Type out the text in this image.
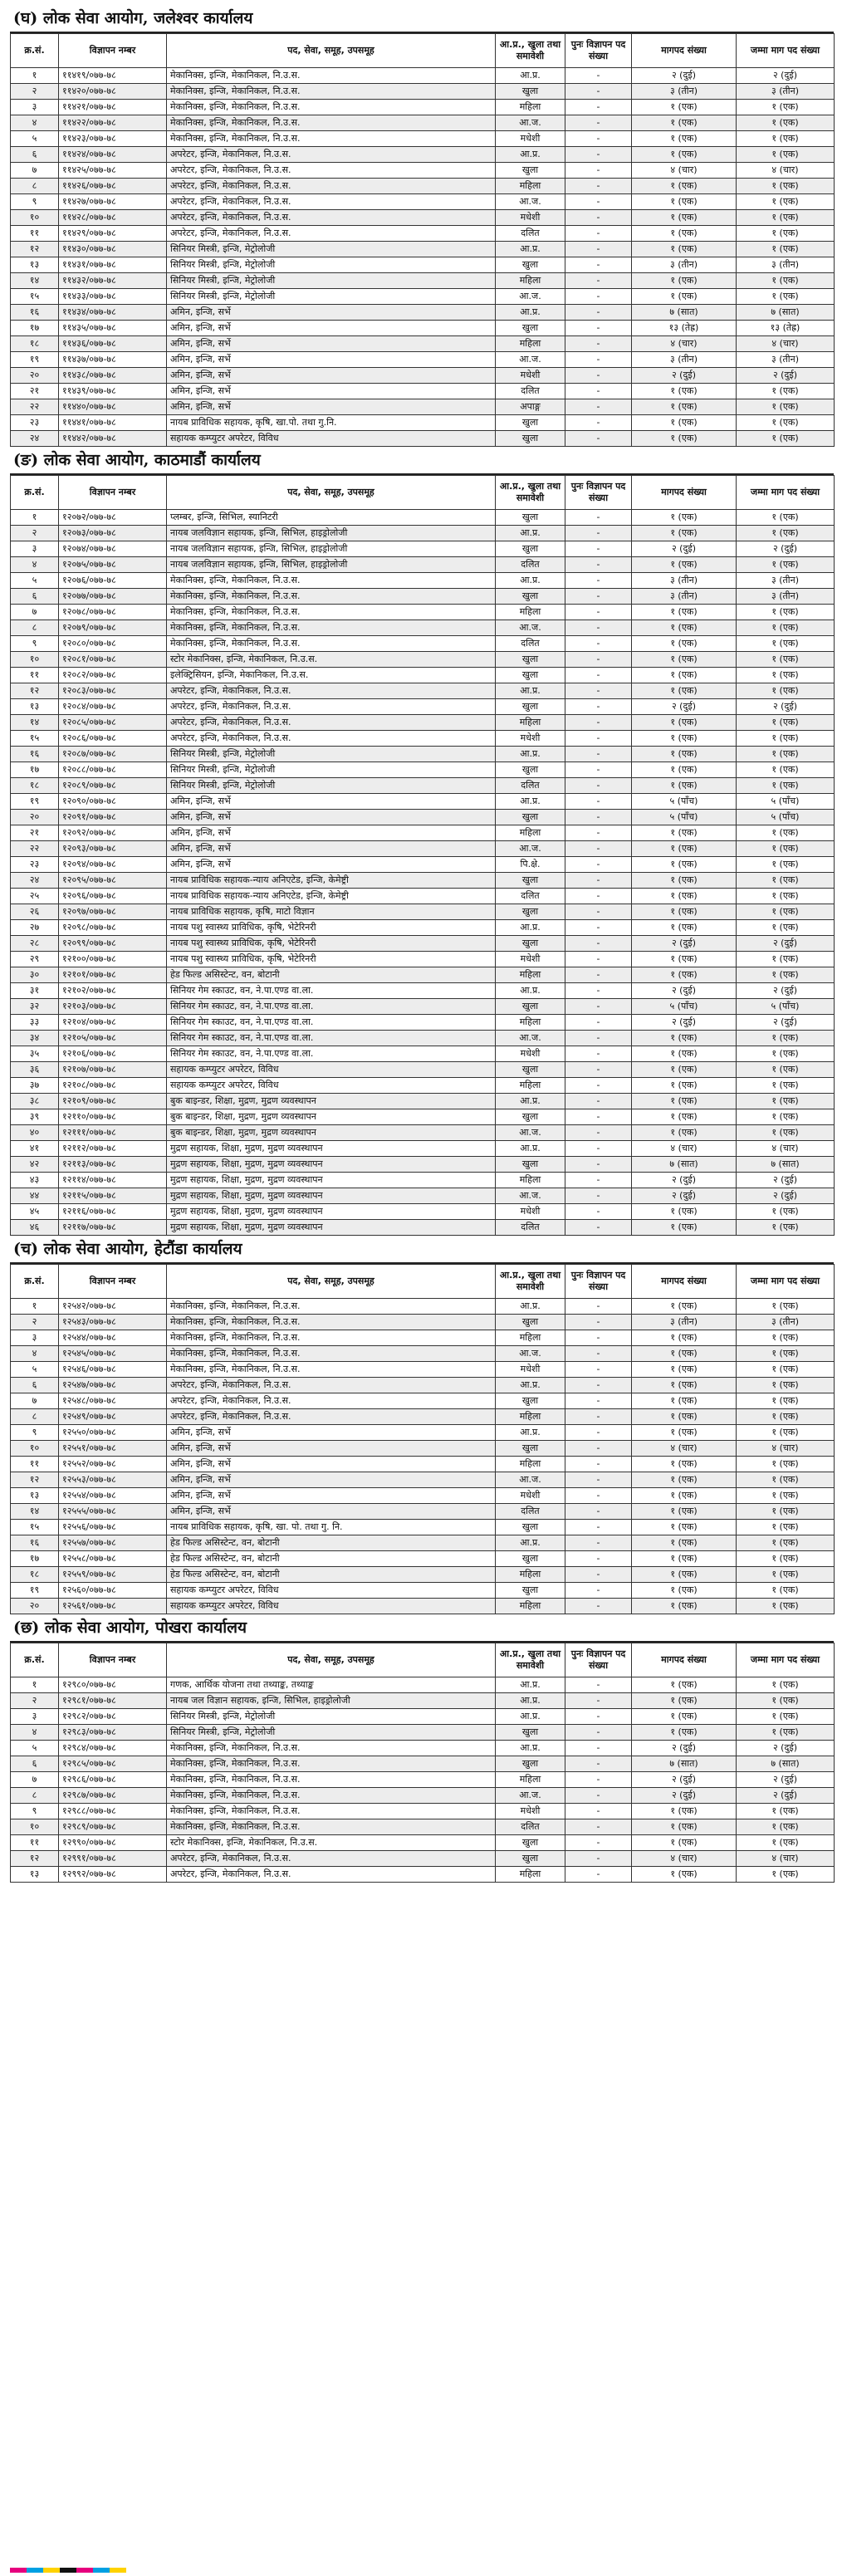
(घ) लोक सेवा आयोग, जलेश्वर कार्यालय
क्र.सं.	विज्ञापन नम्बर	पद, सेवा, समूह, उपसमूह	आ.प्र., खुला तथा समावेशी	पुनः विज्ञापन पद संख्या	मागपद संख्या	जम्मा माग पद संख्या
१	११४१९/०७७-७८	मेकानिक्स, इन्जि, मेकानिकल, नि.उ.स.	आ.प्र.	-	२ (दुई)	२ (दुई)
२	११४२०/०७७-७८	मेकानिक्स, इन्जि, मेकानिकल, नि.उ.स.	खुला	-	३ (तीन)	३ (तीन)
३	११४२१/०७७-७८	मेकानिक्स, इन्जि, मेकानिकल, नि.उ.स.	महिला	-	१ (एक)	१ (एक)
४	११४२२/०७७-७८	मेकानिक्स, इन्जि, मेकानिकल, नि.उ.स.	आ.ज.	-	१ (एक)	१ (एक)
५	११४२३/०७७-७८	मेकानिक्स, इन्जि, मेकानिकल, नि.उ.स.	मधेशी	-	१ (एक)	१ (एक)
६	११४२४/०७७-७८	अपरेटर, इन्जि, मेकानिकल, नि.उ.स.	आ.प्र.	-	१ (एक)	१ (एक)
७	११४२५/०७७-७८	अपरेटर, इन्जि, मेकानिकल, नि.उ.स.	खुला	-	४ (चार)	४ (चार)
८	११४२६/०७७-७८	अपरेटर, इन्जि, मेकानिकल, नि.उ.स.	महिला	-	१ (एक)	१ (एक)
९	११४२७/०७७-७८	अपरेटर, इन्जि, मेकानिकल, नि.उ.स.	आ.ज.	-	१ (एक)	१ (एक)
१०	११४२८/०७७-७८	अपरेटर, इन्जि, मेकानिकल, नि.उ.स.	मधेशी	-	१ (एक)	१ (एक)
११	११४२९/०७७-७८	अपरेटर, इन्जि, मेकानिकल, नि.उ.स.	दलित	-	१ (एक)	१ (एक)
१२	११४३०/०७७-७८	सिनियर मिस्त्री, इन्जि, मेट्रोलोजी	आ.प्र.	-	१ (एक)	१ (एक)
१३	११४३१/०७७-७८	सिनियर मिस्त्री, इन्जि, मेट्रोलोजी	खुला	-	३ (तीन)	३ (तीन)
१४	११४३२/०७७-७८	सिनियर मिस्त्री, इन्जि, मेट्रोलोजी	महिला	-	१ (एक)	१ (एक)
१५	११४३३/०७७-७८	सिनियर मिस्त्री, इन्जि, मेट्रोलोजी	आ.ज.	-	१ (एक)	१ (एक)
१६	११४३४/०७७-७८	अमिन, इन्जि, सर्भे	आ.प्र.	-	७ (सात)	७ (सात)
१७	११४३५/०७७-७८	अमिन, इन्जि, सर्भे	खुला	-	१३ (तेह्र)	१३ (तेह्र)
१८	११४३६/०७७-७८	अमिन, इन्जि, सर्भे	महिला	-	४ (चार)	४ (चार)
१९	११४३७/०७७-७८	अमिन, इन्जि, सर्भे	आ.ज.	-	३ (तीन)	३ (तीन)
२०	११४३८/०७७-७८	अमिन, इन्जि, सर्भे	मधेशी	-	२ (दुई)	२ (दुई)
२१	११४३९/०७७-७८	अमिन, इन्जि, सर्भे	दलित	-	१ (एक)	१ (एक)
२२	११४४०/०७७-७८	अमिन, इन्जि, सर्भे	अपाङ्ग	-	१ (एक)	१ (एक)
२३	११४४१/०७७-७८	नायब प्राविधिक सहायक, कृषि, खा.पो. तथा गु.नि.	खुला	-	१ (एक)	१ (एक)
२४	११४४२/०७७-७८	सहायक कम्प्युटर अपरेटर, विविध	खुला	-	१ (एक)	१ (एक)
(ङ) लोक सेवा आयोग, काठमाडौं कार्यालय
क्र.सं.	विज्ञापन नम्बर	पद, सेवा, समूह, उपसमूह	आ.प्र., खुला तथा समावेशी	पुनः विज्ञापन पद संख्या	मागपद संख्या	जम्मा माग पद संख्या
१	१२०७२/०७७-७८	प्लम्बर, इन्जि, सिभिल, स्यानिटरी	खुला	-	१ (एक)	१ (एक)
२	१२०७३/०७७-७८	नायब जलविज्ञान सहायक, इन्जि, सिभिल, हाइड्रोलोजी	आ.प्र.	-	१ (एक)	१ (एक)
३	१२०७४/०७७-७८	नायब जलविज्ञान सहायक, इन्जि, सिभिल, हाइड्रोलोजी	खुला	-	२ (दुई)	२ (दुई)
४	१२०७५/०७७-७८	नायब जलविज्ञान सहायक, इन्जि, सिभिल, हाइड्रोलोजी	दलित	-	१ (एक)	१ (एक)
५	१२०७६/०७७-७८	मेकानिक्स, इन्जि, मेकानिकल, नि.उ.स.	आ.प्र.	-	३ (तीन)	३ (तीन)
६	१२०७७/०७७-७८	मेकानिक्स, इन्जि, मेकानिकल, नि.उ.स.	खुला	-	३ (तीन)	३ (तीन)
७	१२०७८/०७७-७८	मेकानिक्स, इन्जि, मेकानिकल, नि.उ.स.	महिला	-	१ (एक)	१ (एक)
८	१२०७९/०७७-७८	मेकानिक्स, इन्जि, मेकानिकल, नि.उ.स.	आ.ज.	-	१ (एक)	१ (एक)
९	१२०८०/०७७-७८	मेकानिक्स, इन्जि, मेकानिकल, नि.उ.स.	दलित	-	१ (एक)	१ (एक)
१०	१२०८१/०७७-७८	स्टोर मेकानिक्स, इन्जि, मेकानिकल, नि.उ.स.	खुला	-	१ (एक)	१ (एक)
११	१२०८२/०७७-७८	इलेक्ट्रिसियन, इन्जि, मेकानिकल, नि.उ.स.	खुला	-	१ (एक)	१ (एक)
१२	१२०८३/०७७-७८	अपरेटर, इन्जि, मेकानिकल, नि.उ.स.	आ.प्र.	-	१ (एक)	१ (एक)
१३	१२०८४/०७७-७८	अपरेटर, इन्जि, मेकानिकल, नि.उ.स.	खुला	-	२ (दुई)	२ (दुई)
१४	१२०८५/०७७-७८	अपरेटर, इन्जि, मेकानिकल, नि.उ.स.	महिला	-	१ (एक)	१ (एक)
१५	१२०८६/०७७-७८	अपरेटर, इन्जि, मेकानिकल, नि.उ.स.	मधेशी	-	१ (एक)	१ (एक)
१६	१२०८७/०७७-७८	सिनियर मिस्त्री, इन्जि, मेट्रोलोजी	आ.प्र.	-	१ (एक)	१ (एक)
१७	१२०८८/०७७-७८	सिनियर मिस्त्री, इन्जि, मेट्रोलोजी	खुला	-	१ (एक)	१ (एक)
१८	१२०८९/०७७-७८	सिनियर मिस्त्री, इन्जि, मेट्रोलोजी	दलित	-	१ (एक)	१ (एक)
१९	१२०९०/०७७-७८	अमिन, इन्जि, सर्भे	आ.प्र.	-	५ (पाँच)	५ (पाँच)
२०	१२०९१/०७७-७८	अमिन, इन्जि, सर्भे	खुला	-	५ (पाँच)	५ (पाँच)
२१	१२०९२/०७७-७८	अमिन, इन्जि, सर्भे	महिला	-	१ (एक)	१ (एक)
२२	१२०९३/०७७-७८	अमिन, इन्जि, सर्भे	आ.ज.	-	१ (एक)	१ (एक)
२३	१२०९४/०७७-७८	अमिन, इन्जि, सर्भे	पि.क्षे.	-	१ (एक)	१ (एक)
२४	१२०९५/०७७-७८	नायब प्राविधिक सहायक-न्याय अनिएटेड, इन्जि, केमेष्ट्री	खुला	-	१ (एक)	१ (एक)
२५	१२०९६/०७७-७८	नायब प्राविधिक सहायक-न्याय अनिएटेड, इन्जि, केमेष्ट्री	दलित	-	१ (एक)	१ (एक)
२६	१२०९७/०७७-७८	नायब प्राविधिक सहायक, कृषि, माटो विज्ञान	खुला	-	१ (एक)	१ (एक)
२७	१२०९८/०७७-७८	नायब पशु स्वास्थ्य प्राविधिक, कृषि, भेटेरिनरी	आ.प्र.	-	१ (एक)	१ (एक)
२८	१२०९९/०७७-७८	नायब पशु स्वास्थ्य प्राविधिक, कृषि, भेटेरिनरी	खुला	-	२ (दुई)	२ (दुई)
२९	१२१००/०७७-७८	नायब पशु स्वास्थ्य प्राविधिक, कृषि, भेटेरिनरी	मधेशी	-	१ (एक)	१ (एक)
३०	१२१०१/०७७-७८	हेड फिल्ड असिस्टेन्ट, वन, बोटानी	महिला	-	१ (एक)	१ (एक)
३१	१२१०२/०७७-७८	सिनियर गेम स्काउट, वन, ने.पा.एण्ड वा.ला.	आ.प्र.	-	२ (दुई)	२ (दुई)
३२	१२१०३/०७७-७८	सिनियर गेम स्काउट, वन, ने.पा.एण्ड वा.ला.	खुला	-	५ (पाँच)	५ (पाँच)
३३	१२१०४/०७७-७८	सिनियर गेम स्काउट, वन, ने.पा.एण्ड वा.ला.	महिला	-	२ (दुई)	२ (दुई)
३४	१२१०५/०७७-७८	सिनियर गेम स्काउट, वन, ने.पा.एण्ड वा.ला.	आ.ज.	-	१ (एक)	१ (एक)
३५	१२१०६/०७७-७८	सिनियर गेम स्काउट, वन, ने.पा.एण्ड वा.ला.	मधेशी	-	१ (एक)	१ (एक)
३६	१२१०७/०७७-७८	सहायक कम्प्युटर अपरेटर, विविध	खुला	-	१ (एक)	१ (एक)
३७	१२१०८/०७७-७८	सहायक कम्प्युटर अपरेटर, विविध	महिला	-	१ (एक)	१ (एक)
३८	१२१०९/०७७-७८	बुक बाइन्डर, शिक्षा, मुद्रण, मुद्रण व्यवस्थापन	आ.प्र.	-	१ (एक)	१ (एक)
३९	१२११०/०७७-७८	बुक बाइन्डर, शिक्षा, मुद्रण, मुद्रण व्यवस्थापन	खुला	-	१ (एक)	१ (एक)
४०	१२१११/०७७-७८	बुक बाइन्डर, शिक्षा, मुद्रण, मुद्रण व्यवस्थापन	आ.ज.	-	१ (एक)	१ (एक)
४१	१२११२/०७७-७८	मुद्रण सहायक, शिक्षा, मुद्रण, मुद्रण व्यवस्थापन	आ.प्र.	-	४ (चार)	४ (चार)
४२	१२११३/०७७-७८	मुद्रण सहायक, शिक्षा, मुद्रण, मुद्रण व्यवस्थापन	खुला	-	७ (सात)	७ (सात)
४३	१२११४/०७७-७८	मुद्रण सहायक, शिक्षा, मुद्रण, मुद्रण व्यवस्थापन	महिला	-	२ (दुई)	२ (दुई)
४४	१२११५/०७७-७८	मुद्रण सहायक, शिक्षा, मुद्रण, मुद्रण व्यवस्थापन	आ.ज.	-	२ (दुई)	२ (दुई)
४५	१२११६/०७७-७८	मुद्रण सहायक, शिक्षा, मुद्रण, मुद्रण व्यवस्थापन	मधेशी	-	१ (एक)	१ (एक)
४६	१२११७/०७७-७८	मुद्रण सहायक, शिक्षा, मुद्रण, मुद्रण व्यवस्थापन	दलित	-	१ (एक)	१ (एक)
(च) लोक सेवा आयोग, हेटौंडा कार्यालय
क्र.सं.	विज्ञापन नम्बर	पद, सेवा, समूह, उपसमूह	आ.प्र., खुला तथा समावेशी	पुनः विज्ञापन पद संख्या	मागपद संख्या	जम्मा माग पद संख्या
१	१२५४२/०७७-७८	मेकानिक्स, इन्जि, मेकानिकल, नि.उ.स.	आ.प्र.	-	१ (एक)	१ (एक)
२	१२५४३/०७७-७८	मेकानिक्स, इन्जि, मेकानिकल, नि.उ.स.	खुला	-	३ (तीन)	३ (तीन)
३	१२५४४/०७७-७८	मेकानिक्स, इन्जि, मेकानिकल, नि.उ.स.	महिला	-	१ (एक)	१ (एक)
४	१२५४५/०७७-७८	मेकानिक्स, इन्जि, मेकानिकल, नि.उ.स.	आ.ज.	-	१ (एक)	१ (एक)
५	१२५४६/०७७-७८	मेकानिक्स, इन्जि, मेकानिकल, नि.उ.स.	मधेशी	-	१ (एक)	१ (एक)
६	१२५४७/०७७-७८	अपरेटर, इन्जि, मेकानिकल, नि.उ.स.	आ.प्र.	-	१ (एक)	१ (एक)
७	१२५४८/०७७-७८	अपरेटर, इन्जि, मेकानिकल, नि.उ.स.	खुला	-	१ (एक)	१ (एक)
८	१२५४९/०७७-७८	अपरेटर, इन्जि, मेकानिकल, नि.उ.स.	महिला	-	१ (एक)	१ (एक)
९	१२५५०/०७७-७८	अमिन, इन्जि, सर्भे	आ.प्र.	-	१ (एक)	१ (एक)
१०	१२५५१/०७७-७८	अमिन, इन्जि, सर्भे	खुला	-	४ (चार)	४ (चार)
११	१२५५२/०७७-७८	अमिन, इन्जि, सर्भे	महिला	-	१ (एक)	१ (एक)
१२	१२५५३/०७७-७८	अमिन, इन्जि, सर्भे	आ.ज.	-	१ (एक)	१ (एक)
१३	१२५५४/०७७-७८	अमिन, इन्जि, सर्भे	मधेशी	-	१ (एक)	१ (एक)
१४	१२५५५/०७७-७८	अमिन, इन्जि, सर्भे	दलित	-	१ (एक)	१ (एक)
१५	१२५५६/०७७-७८	नायब प्राविधिक सहायक, कृषि, खा. पो. तथा गु. नि.	खुला	-	१ (एक)	१ (एक)
१६	१२५५७/०७७-७८	हेड फिल्ड असिस्टेन्ट, वन, बोटानी	आ.प्र.	-	१ (एक)	१ (एक)
१७	१२५५८/०७७-७८	हेड फिल्ड असिस्टेन्ट, वन, बोटानी	खुला	-	१ (एक)	१ (एक)
१८	१२५५९/०७७-७८	हेड फिल्ड असिस्टेन्ट, वन, बोटानी	महिला	-	१ (एक)	१ (एक)
१९	१२५६०/०७७-७८	सहायक कम्प्युटर अपरेटर, विविध	खुला	-	१ (एक)	१ (एक)
२०	१२५६१/०७७-७८	सहायक कम्प्युटर अपरेटर, विविध	महिला	-	१ (एक)	१ (एक)
(छ) लोक सेवा आयोग, पोखरा कार्यालय
क्र.सं.	विज्ञापन नम्बर	पद, सेवा, समूह, उपसमूह	आ.प्र., खुला तथा समावेशी	पुनः विज्ञापन पद संख्या	मागपद संख्या	जम्मा माग पद संख्या
१	१२९८०/०७७-७८	गणक, आर्थिक योजना तथा तथ्याङ्क, तथ्याङ्क	आ.प्र.	-	१ (एक)	१ (एक)
२	१२९८१/०७७-७८	नायब जल विज्ञान सहायक, इन्जि, सिभिल, हाइड्रोलोजी	आ.प्र.	-	१ (एक)	१ (एक)
३	१२९८२/०७७-७८	सिनियर मिस्त्री, इन्जि, मेट्रोलोजी	आ.प्र.	-	१ (एक)	१ (एक)
४	१२९८३/०७७-७८	सिनियर मिस्त्री, इन्जि, मेट्रोलोजी	खुला	-	१ (एक)	१ (एक)
५	१२९८४/०७७-७८	मेकानिक्स, इन्जि, मेकानिकल, नि.उ.स.	आ.प्र.	-	२ (दुई)	२ (दुई)
६	१२९८५/०७७-७८	मेकानिक्स, इन्जि, मेकानिकल, नि.उ.स.	खुला	-	७ (सात)	७ (सात)
७	१२९८६/०७७-७८	मेकानिक्स, इन्जि, मेकानिकल, नि.उ.स.	महिला	-	२ (दुई)	२ (दुई)
८	१२९८७/०७७-७८	मेकानिक्स, इन्जि, मेकानिकल, नि.उ.स.	आ.ज.	-	२ (दुई)	२ (दुई)
९	१२९८८/०७७-७८	मेकानिक्स, इन्जि, मेकानिकल, नि.उ.स.	मधेशी	-	१ (एक)	१ (एक)
१०	१२९८९/०७७-७८	मेकानिक्स, इन्जि, मेकानिकल, नि.उ.स.	दलित	-	१ (एक)	१ (एक)
११	१२९९०/०७७-७८	स्टोर मेकानिक्स, इन्जि, मेकानिकल, नि.उ.स.	खुला	-	१ (एक)	१ (एक)
१२	१२९९१/०७७-७८	अपरेटर, इन्जि, मेकानिकल, नि.उ.स.	खुला	-	४ (चार)	४ (चार)
१३	१२९९२/०७७-७८	अपरेटर, इन्जि, मेकानिकल, नि.उ.स.	महिला	-	१ (एक)	१ (एक)
